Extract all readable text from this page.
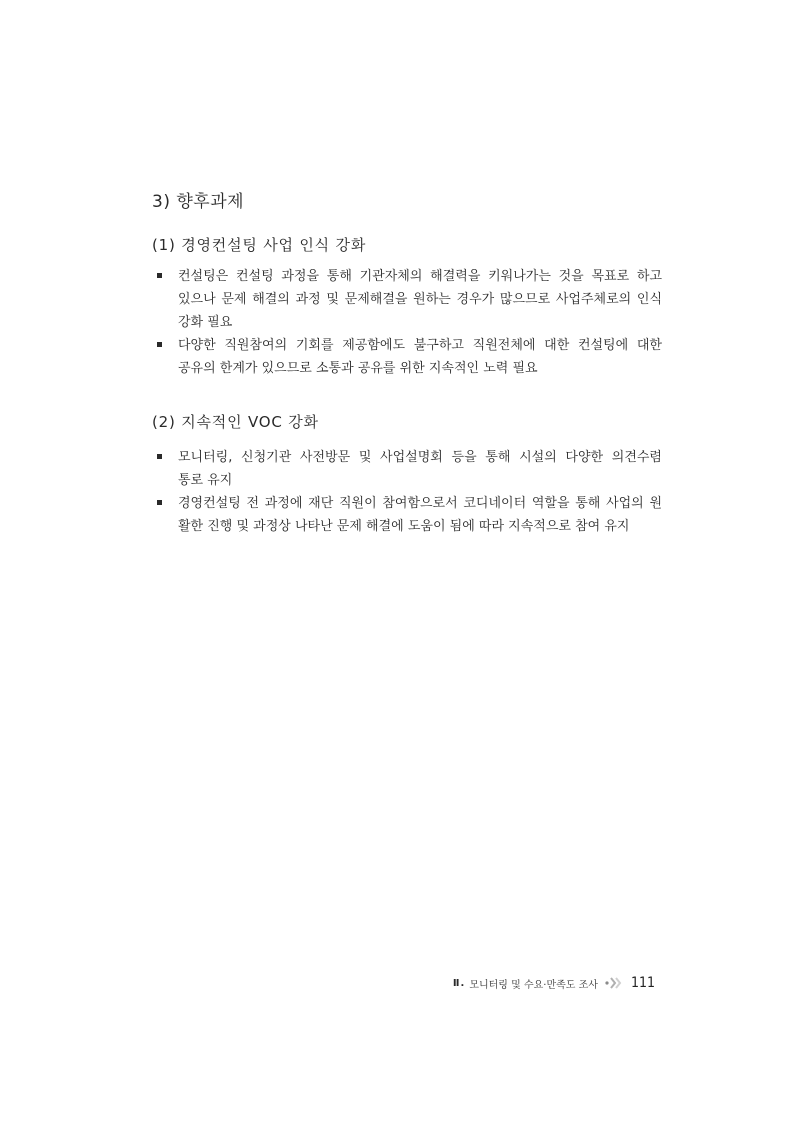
3) 향후과제
(1) 경영컨설팅 사업 인식 강화
컨설팅은 컨설팅 과정을 통해 기관자체의 해결력을 키워나가는 것을 목표로 하고
있으나 문제 해결의 과정 및 문제해결을 원하는 경우가 많으므로 사업주체로의 인식
강화 필요
다양한 직원참여의 기회를 제공함에도 불구하고 직원전체에 대한 컨설팅에 대한
공유의 한계가 있으므로 소통과 공유를 위한 지속적인 노력 필요
(2) 지속적인 VOC 강화
모니터링, 신청기관 사전방문 및 사업설명회 등을 통해 시설의 다양한 의견수렴
통로 유지
경영컨설팅 전 과정에 재단 직원이 참여함으로서 코디네이터 역할을 통해 사업의 원
활한 진행 및 과정상 나타난 문제 해결에 도움이 됨에 따라 지속적으로 참여 유지
Ⅱ. 모니터링 및 수요·만족도 조사 111
